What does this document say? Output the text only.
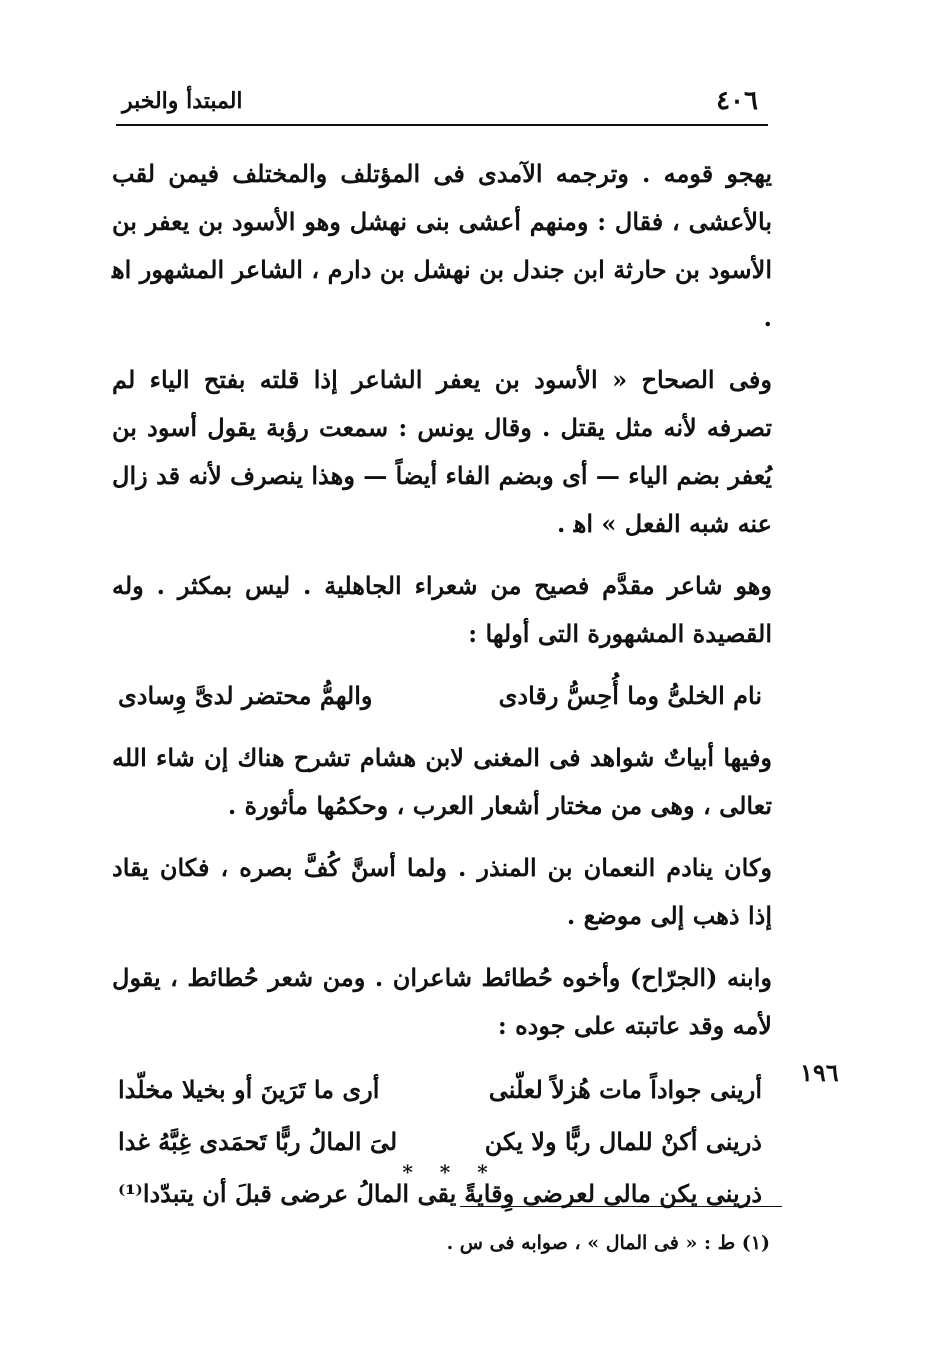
٤٠٦
المبتدأ والخبر

يهجو قومه . وترجمه الآمدى فى المؤتلف والمختلف فيمن لقب بالأعشى ، فقال : ومنهم أعشى بنى نهشل وهو الأسود بن يعفر بن الأسود بن حارثة ابن جندل بن نهشل بن دارم ، الشاعر المشهور اﻫ .

وفى الصحاح « الأسود بن يعفر الشاعر إذا قلته بفتح الياء لم تصرفه لأنه مثل يقتل . وقال يونس : سمعت رؤبة يقول أسود بن يُعفر بضم الياء — أى وبضم الفاء أيضاً — وهذا ينصرف لأنه قد زال عنه شبه الفعل » اﻫ .

وهو شاعر مقدَّم فصيح من شعراء الجاهلية . ليس بمكثر . وله القصيدة المشهورة التى أولها :

نام الخلىُّ وما أُحِسُّ رقادى
والهمُّ محتضر لدىَّ وِسادى

وفيها أبياتٌ شواهد فى المغنى لابن هشام تشرح هناك إن شاء الله تعالى ، وهى من مختار أشعار العرب ، وحكمُها مأثورة .

وكان ينادم النعمان بن المنذر . ولما أسنَّ كُفَّ بصره ، فكان يقاد إذا ذهب إلى موضع .

وابنه (الجرّاح) وأخوه حُطائط شاعران . ومن شعر حُطائط ، يقول لأمه وقد عاتبته على جوده :

أرينى جواداً مات هُزلاً لعلّنى
أرى ما تَرَينَ أو بخيلا مخلّدا
ذرينى أكنْ للمال ربًّا ولا يكن
لىَ المالُ ربًّا تَحمَدى غِبَّهُ غدا
ذرينى يكن مالى لعرضى وِقايةً
يقى المالُ عرضى قبلَ أن يتبدّدا⁽¹⁾
١٩٦
* * *
(١) ط : « فى المال » ، صوابه فى س .
